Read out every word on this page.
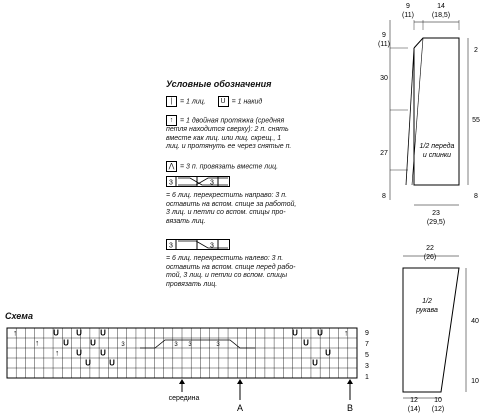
Условные обозначения
| = 1 лиц. U = 1 накид
↑ = 1 двойная протяжка (средняя
петля находится сверху): 2 п. снять
вместе как лиц. или лиц. скрещ., 1
лиц. и протянуть ее через снятые п.
⋀ = 3 п. провязать вместе лиц.
3	3
= 6 лиц. перекрестить направо: 3 п.
оставить на вспом. спице за работой,
3 лиц. и петли со вспом. спицы про-
вязать лиц.
3	3
= 6 лиц. перекрестить налево: 3 п.
оставить на вспом. спице перед рабо-
той, 3 лиц. и петли со вспом. спицы
провязать лиц.
Схема
U U U	U U
U	U	U
U U
U U
U
U
↑
↑
↑
↑
3	3 3	3
9
7
5
3
1
середина
A	B
9
(11)
14
(18,5)
9
(11)
30
27
8
2
55
8
23
(29,5)
1/2 переда
и спинки
22
(26)
40
10
12
(14)
10
(12)
1/2
рукава
